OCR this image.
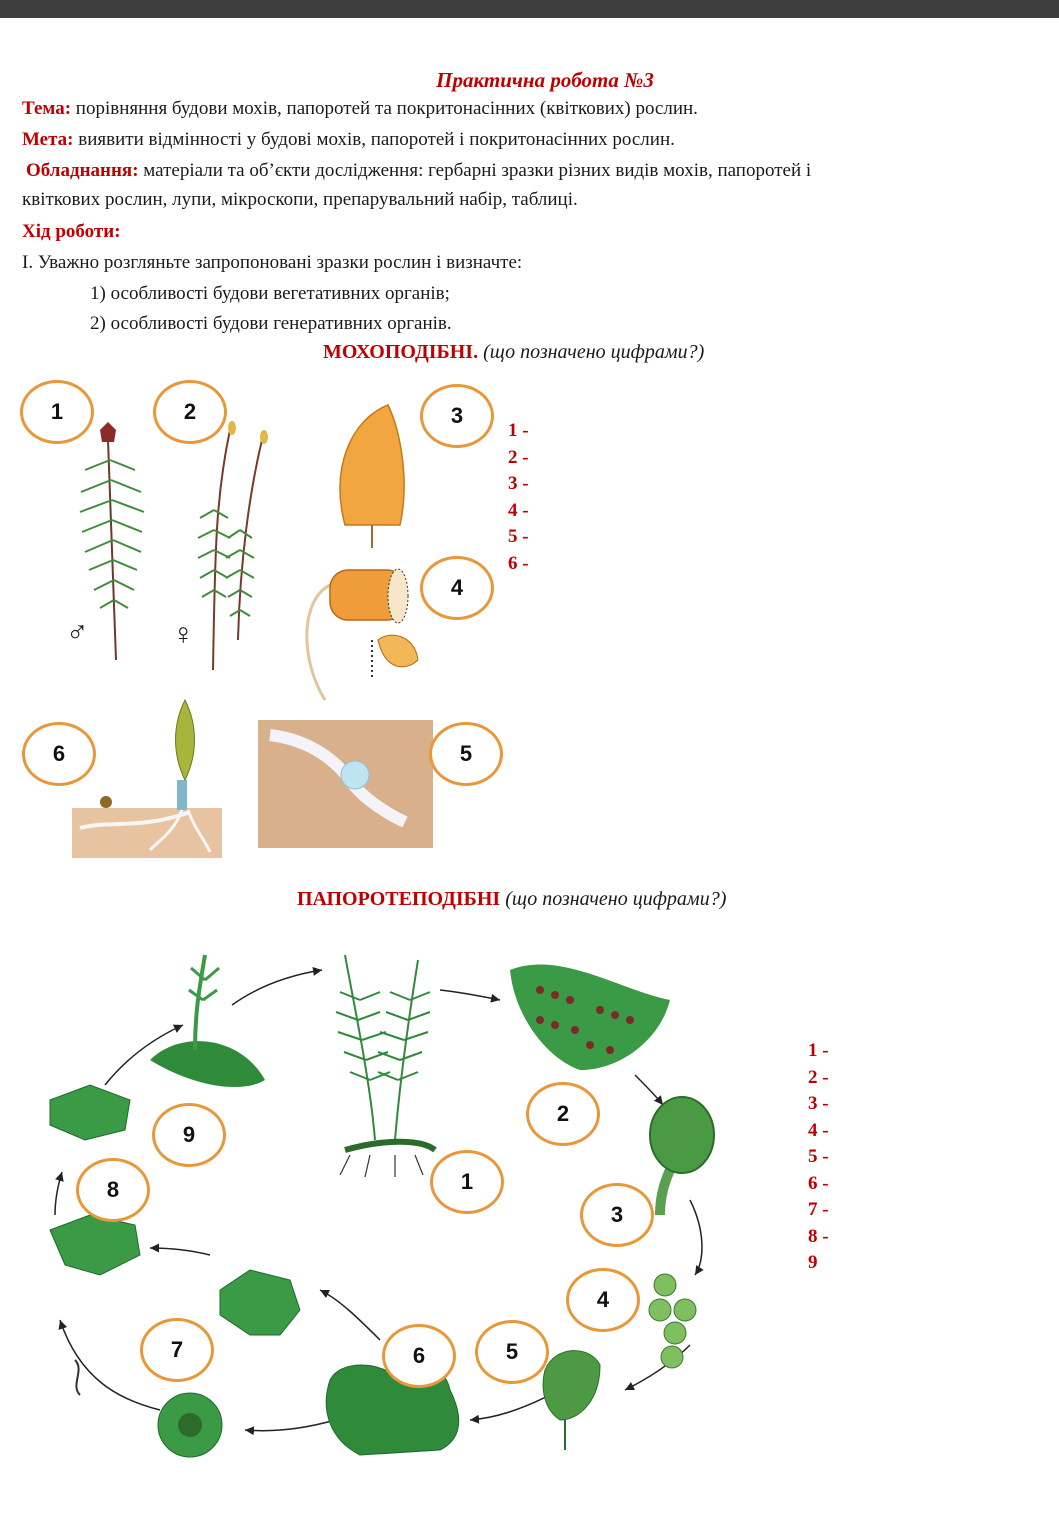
Практична робота №3
Тема: порівняння будови мохів, папоротей та покритонасінних (квіткових) рослин.
Мета: виявити відмінності у будові мохів, папоротей і покритонасінних рослин.
Обладнання: матеріали та об’єкти дослідження: гербарні зразки різних видів мохів, папоротей і
квіткових рослин, лупи, мікроскопи, препарувальний набір, таблиці.
Хід роботи:
I. Уважно розгляньте запропоновані зразки рослин і визначте:
1) особливості будови вегетативних органів;
2) особливості будови генеративних органів.
МОХОПОДІБНІ. (що позначено цифрами?)
1	2	3
4
5
6
♂	♀
1 -
2 -
3 -
4 -
5 -
6 -
ПАПОРОТЕПОДІБНІ (що позначено цифрами?)
1
2
3
4
5
6
7
8
9
1 -
2 -
3 -
4 -
5 -
6 -
7 -
8 -
9
